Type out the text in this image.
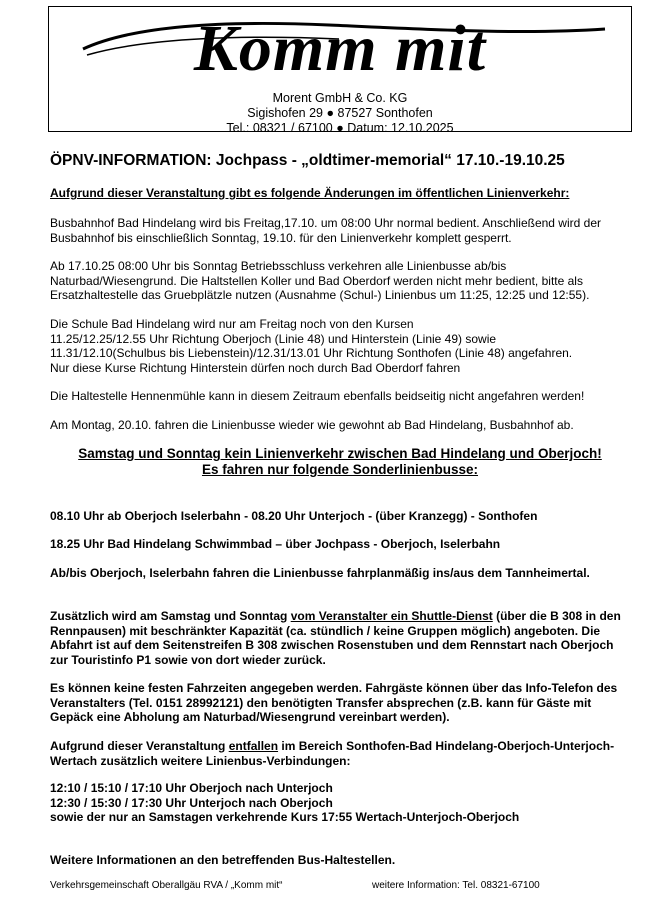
Komm mit
Morent GmbH & Co. KG
Sigishofen 29 ● 87527 Sonthofen
Tel.: 08321 / 67100 ● Datum: 12.10.2025
ÖPNV-INFORMATION: Jochpass - „oldtimer-memorial“ 17.10.-19.10.25

Aufgrund dieser Veranstaltung gibt es folgende Änderungen im öffentlichen Linienverkehr:

Busbahnhof Bad Hindelang wird bis Freitag,17.10. um 08:00 Uhr normal bedient. Anschließend wird der Busbahnhof bis einschließlich Sonntag, 19.10. für den Linienverkehr komplett gesperrt.

Ab 17.10.25 08:00 Uhr bis Sonntag Betriebsschluss verkehren alle Linienbusse ab/bis Naturbad/Wiesengrund. Die Haltstellen Koller und Bad Oberdorf werden nicht mehr bedient, bitte als Ersatzhaltestelle das Gruebplätzle nutzen (Ausnahme (Schul-) Linienbus um 11:25, 12:25 und 12:55).

Die Schule Bad Hindelang wird nur am Freitag noch von den Kursen
11.25/12.25/12.55 Uhr Richtung Oberjoch (Linie 48) und Hinterstein (Linie 49) sowie
11.31/12.10(Schulbus bis Liebenstein)/12.31/13.01 Uhr Richtung Sonthofen (Linie 48) angefahren.
Nur diese Kurse Richtung Hinterstein dürfen noch durch Bad Oberdorf fahren

Die Haltestelle Hennenmühle kann in diesem Zeitraum ebenfalls beidseitig nicht angefahren werden!

Am Montag, 20.10. fahren die Linienbusse wieder wie gewohnt ab Bad Hindelang, Busbahnhof ab.

Samstag und Sonntag kein Linienverkehr zwischen Bad Hindelang und Oberjoch!
Es fahren nur folgende Sonderlinienbusse:

08.10 Uhr ab Oberjoch Iselerbahn - 08.20 Uhr Unterjoch - (über Kranzegg) - Sonthofen

18.25 Uhr Bad Hindelang Schwimmbad – über Jochpass - Oberjoch, Iselerbahn

Ab/bis Oberjoch, Iselerbahn fahren die Linienbusse fahrplanmäßig ins/aus dem Tannheimertal.

Zusätzlich wird am Samstag und Sonntag vom Veranstalter ein Shuttle-Dienst (über die B 308 in den Rennpausen) mit beschränkter Kapazität (ca. stündlich / keine Gruppen möglich) angeboten. Die Abfahrt ist auf dem Seitenstreifen B 308 zwischen Rosenstuben und dem Rennstart nach Oberjoch zur Touristinfo P1 sowie von dort wieder zurück.

Es können keine festen Fahrzeiten angegeben werden. Fahrgäste können über das Info-Telefon des Veranstalters (Tel. 0151 28992121) den benötigten Transfer absprechen (z.B. kann für Gäste mit Gepäck eine Abholung am Naturbad/Wiesengrund vereinbart werden).

Aufgrund dieser Veranstaltung entfallen im Bereich Sonthofen-Bad Hindelang-Oberjoch-Unterjoch-Wertach zusätzlich weitere Linienbus-Verbindungen:

12:10 / 15:10 / 17:10 Uhr Oberjoch nach Unterjoch
12:30 / 15:30 / 17:30 Uhr Unterjoch nach Oberjoch
sowie der nur an Samstagen verkehrende Kurs 17:55 Wertach-Unterjoch-Oberjoch

Weitere Informationen an den betreffenden Bus-Haltestellen.

Verkehrsgemeinschaft Oberallgäu RVA / „Komm mit“	weitere Information: Tel. 08321-67100
